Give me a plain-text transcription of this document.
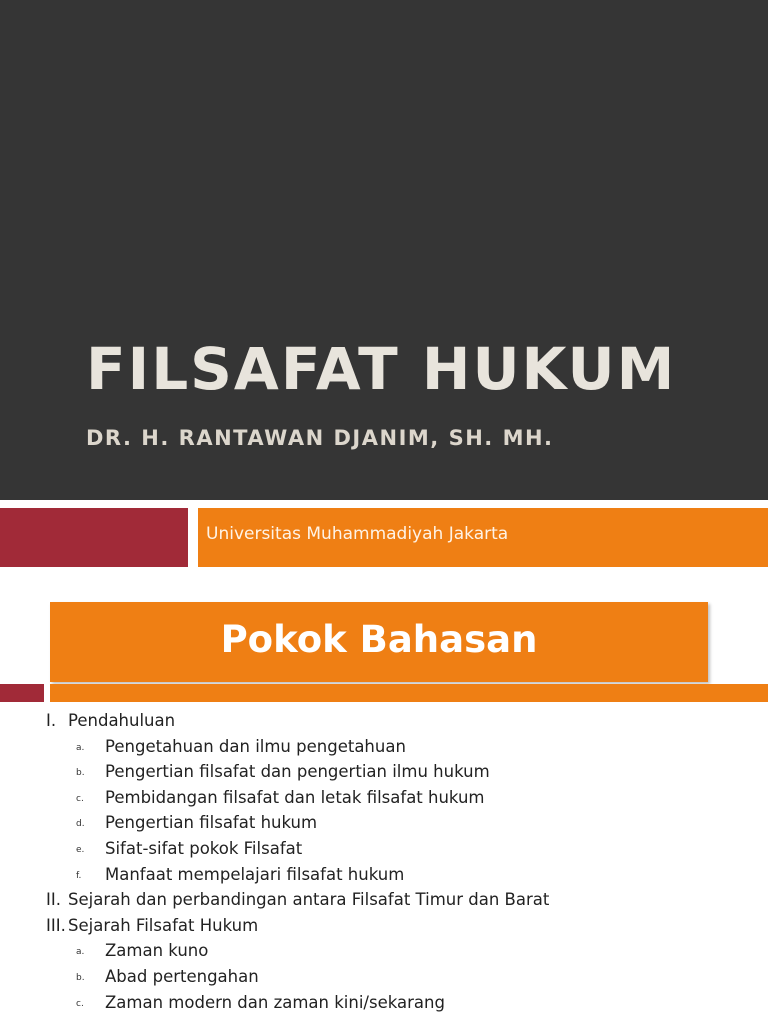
FILSAFAT HUKUM
DR. H. RANTAWAN DJANIM, SH. MH.
Universitas Muhammadiyah Jakarta
Pokok Bahasan
I. Pendahuluan
a. Pengetahuan dan ilmu pengetahuan
b. Pengertian filsafat dan pengertian ilmu hukum
c. Pembidangan filsafat dan letak filsafat hukum
d. Pengertian filsafat hukum
e. Sifat-sifat pokok Filsafat
f. Manfaat mempelajari filsafat hukum
II. Sejarah dan perbandingan antara Filsafat Timur dan Barat
III. Sejarah Filsafat Hukum
a. Zaman kuno
b. Abad pertengahan
c. Zaman modern dan zaman kini/sekarang
